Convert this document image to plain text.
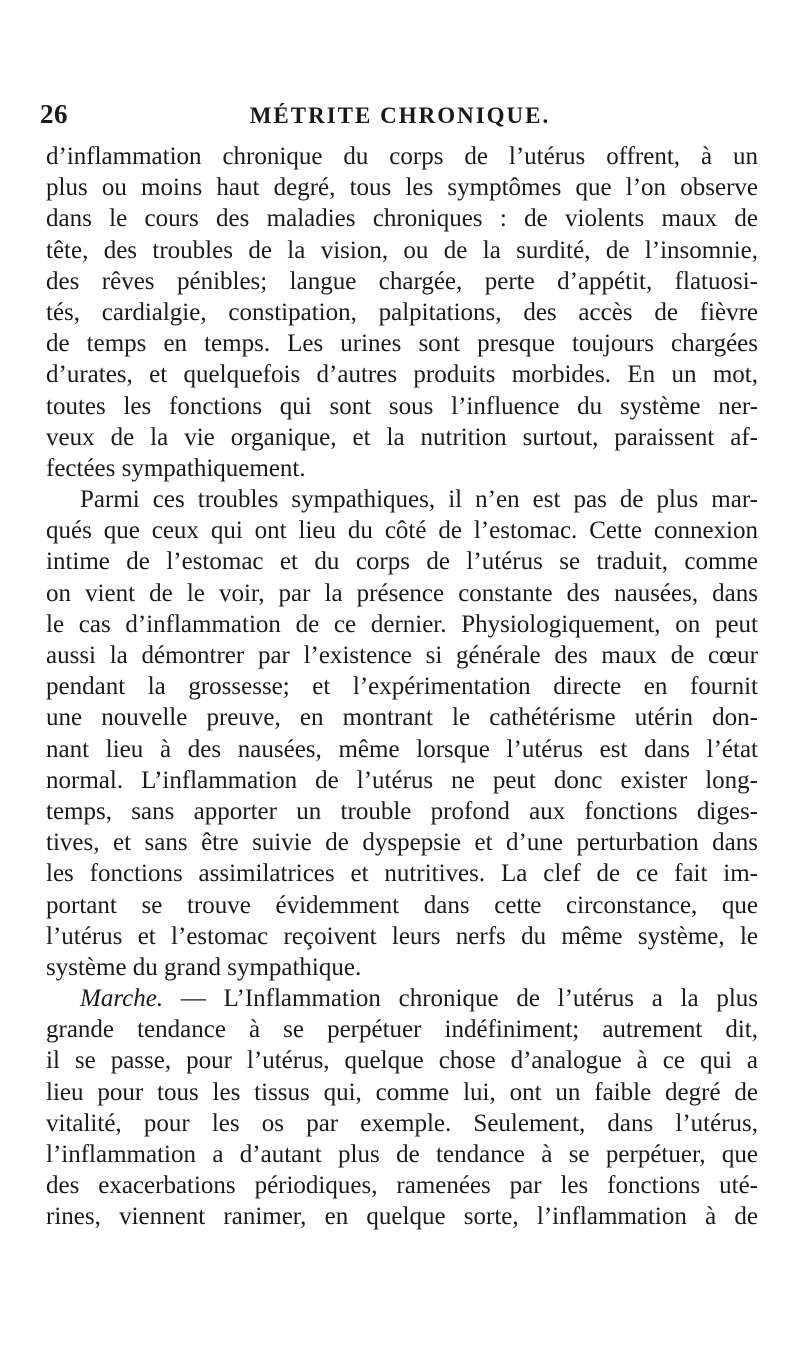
26	MÉTRITE CHRONIQUE.
d’inflammation chronique du corps de l’utérus offrent, à un
plus ou moins haut degré, tous les symptômes que l’on observe
dans le cours des maladies chroniques : de violents maux de
tête, des troubles de la vision, ou de la surdité, de l’insomnie,
des rêves pénibles; langue chargée, perte d’appétit, flatuosi-
tés, cardialgie, constipation, palpitations, des accès de fièvre
de temps en temps. Les urines sont presque toujours chargées
d’urates, et quelquefois d’autres produits morbides. En un mot,
toutes les fonctions qui sont sous l’influence du système ner-
veux de la vie organique, et la nutrition surtout, paraissent af-
fectées sympathiquement.
Parmi ces troubles sympathiques, il n’en est pas de plus mar-
qués que ceux qui ont lieu du côté de l’estomac. Cette connexion
intime de l’estomac et du corps de l’utérus se traduit, comme
on vient de le voir, par la présence constante des nausées, dans
le cas d’inflammation de ce dernier. Physiologiquement, on peut
aussi la démontrer par l’existence si générale des maux de cœur
pendant la grossesse; et l’expérimentation directe en fournit
une nouvelle preuve, en montrant le cathétérisme utérin don-
nant lieu à des nausées, même lorsque l’utérus est dans l’état
normal. L’inflammation de l’utérus ne peut donc exister long-
temps, sans apporter un trouble profond aux fonctions diges-
tives, et sans être suivie de dyspepsie et d’une perturbation dans
les fonctions assimilatrices et nutritives. La clef de ce fait im-
portant se trouve évidemment dans cette circonstance, que
l’utérus et l’estomac reçoivent leurs nerfs du même système, le
système du grand sympathique.
Marche. — L’Inflammation chronique de l’utérus a la plus
grande tendance à se perpétuer indéfiniment; autrement dit,
il se passe, pour l’utérus, quelque chose d’analogue à ce qui a
lieu pour tous les tissus qui, comme lui, ont un faible degré de
vitalité, pour les os par exemple. Seulement, dans l’utérus,
l’inflammation a d’autant plus de tendance à se perpétuer, que
des exacerbations périodiques, ramenées par les fonctions uté-
rines, viennent ranimer, en quelque sorte, l’inflammation à de
